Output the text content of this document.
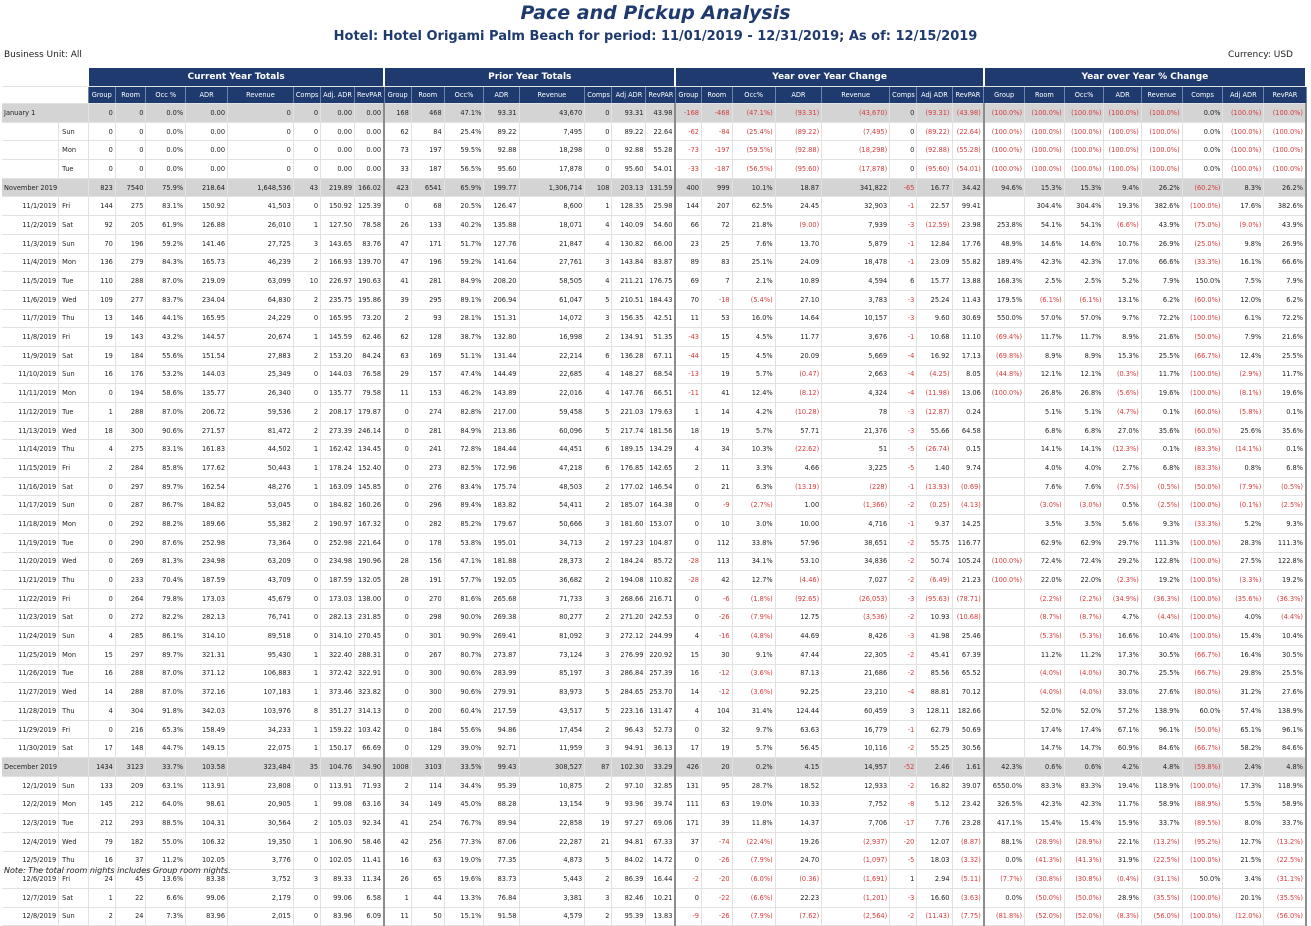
Pace and Pickup Analysis
Hotel: Hotel Origami Palm Beach for period: 11/01/2019 - 12/31/2019; As of: 12/15/2019
Business Unit: All	Currency: USD
		Current Year Totals								Prior Year Totals								Year over Year Change								Year over Year % Change							
		Group	Room	Occ %	ADR	Revenue	Comps	Adj. ADR	RevPAR	Group	Room	Occ%	ADR	Revenue	Comps	Adj ADR	RevPAR	Group	Room	Occ%	ADR	Revenue	Comps	Adj ADR	RevPAR	Group	Room	Occ%	ADR	Revenue	Comps	Adj ADR	RevPAR
January 1		0	0	0.0%	0.00	0	0	0.00	0.00	168	468	47.1%	93.31	43,670	0	93.31	43.98	-168	-468	(47.1%)	(93.31)	(43,670)	0	(93.31)	(43.98)	(100.0%)	(100.0%)	(100.0%)	(100.0%)	(100.0%)	0.0%	(100.0%)	(100.0%)
	Sun	0	0	0.0%	0.00	0	0	0.00	0.00	62	84	25.4%	89.22	7,495	0	89.22	22.64	-62	-84	(25.4%)	(89.22)	(7,495)	0	(89.22)	(22.64)	(100.0%)	(100.0%)	(100.0%)	(100.0%)	(100.0%)	0.0%	(100.0%)	(100.0%)
	Mon	0	0	0.0%	0.00	0	0	0.00	0.00	73	197	59.5%	92.88	18,298	0	92.88	55.28	-73	-197	(59.5%)	(92.88)	(18,298)	0	(92.88)	(55.28)	(100.0%)	(100.0%)	(100.0%)	(100.0%)	(100.0%)	0.0%	(100.0%)	(100.0%)
	Tue	0	0	0.0%	0.00	0	0	0.00	0.00	33	187	56.5%	95.60	17,878	0	95.60	54.01	-33	-187	(56.5%)	(95.60)	(17,878)	0	(95.60)	(54.01)	(100.0%)	(100.0%)	(100.0%)	(100.0%)	(100.0%)	0.0%	(100.0%)	(100.0%)
November 2019		823	7540	75.9%	218.64	1,648,536	43	219.89	166.02	423	6541	65.9%	199.77	1,306,714	108	203.13	131.59	400	999	10.1%	18.87	341,822	-65	16.77	34.42	94.6%	15.3%	15.3%	9.4%	26.2%	(60.2%)	8.3%	26.2%
11/1/2019	Fri	144	275	83.1%	150.92	41,503	0	150.92	125.39	0	68	20.5%	126.47	8,600	1	128.35	25.98	144	207	62.5%	24.45	32,903	-1	22.57	99.41		304.4%	304.4%	19.3%	382.6%	(100.0%)	17.6%	382.6%
11/2/2019	Sat	92	205	61.9%	126.88	26,010	1	127.50	78.58	26	133	40.2%	135.88	18,071	4	140.09	54.60	66	72	21.8%	(9.00)	7,939	-3	(12.59)	23.98	253.8%	54.1%	54.1%	(6.6%)	43.9%	(75.0%)	(9.0%)	43.9%
11/3/2019	Sun	70	196	59.2%	141.46	27,725	3	143.65	83.76	47	171	51.7%	127.76	21,847	4	130.82	66.00	23	25	7.6%	13.70	5,879	-1	12.84	17.76	48.9%	14.6%	14.6%	10.7%	26.9%	(25.0%)	9.8%	26.9%
11/4/2019	Mon	136	279	84.3%	165.73	46,239	2	166.93	139.70	47	196	59.2%	141.64	27,761	3	143.84	83.87	89	83	25.1%	24.09	18,478	-1	23.09	55.82	189.4%	42.3%	42.3%	17.0%	66.6%	(33.3%)	16.1%	66.6%
11/5/2019	Tue	110	288	87.0%	219.09	63,099	10	226.97	190.63	41	281	84.9%	208.20	58,505	4	211.21	176.75	69	7	2.1%	10.89	4,594	6	15.77	13.88	168.3%	2.5%	2.5%	5.2%	7.9%	150.0%	7.5%	7.9%
11/6/2019	Wed	109	277	83.7%	234.04	64,830	2	235.75	195.86	39	295	89.1%	206.94	61,047	5	210.51	184.43	70	-18	(5.4%)	27.10	3,783	-3	25.24	11.43	179.5%	(6.1%)	(6.1%)	13.1%	6.2%	(60.0%)	12.0%	6.2%
11/7/2019	Thu	13	146	44.1%	165.95	24,229	0	165.95	73.20	2	93	28.1%	151.31	14,072	3	156.35	42.51	11	53	16.0%	14.64	10,157	-3	9.60	30.69	550.0%	57.0%	57.0%	9.7%	72.2%	(100.0%)	6.1%	72.2%
11/8/2019	Fri	19	143	43.2%	144.57	20,674	1	145.59	62.46	62	128	38.7%	132.80	16,998	2	134.91	51.35	-43	15	4.5%	11.77	3,676	-1	10.68	11.10	(69.4%)	11.7%	11.7%	8.9%	21.6%	(50.0%)	7.9%	21.6%
11/9/2019	Sat	19	184	55.6%	151.54	27,883	2	153.20	84.24	63	169	51.1%	131.44	22,214	6	136.28	67.11	-44	15	4.5%	20.09	5,669	-4	16.92	17.13	(69.8%)	8.9%	8.9%	15.3%	25.5%	(66.7%)	12.4%	25.5%
11/10/2019	Sun	16	176	53.2%	144.03	25,349	0	144.03	76.58	29	157	47.4%	144.49	22,685	4	148.27	68.54	-13	19	5.7%	(0.47)	2,663	-4	(4.25)	8.05	(44.8%)	12.1%	12.1%	(0.3%)	11.7%	(100.0%)	(2.9%)	11.7%
11/11/2019	Mon	0	194	58.6%	135.77	26,340	0	135.77	79.58	11	153	46.2%	143.89	22,016	4	147.76	66.51	-11	41	12.4%	(8.12)	4,324	-4	(11.98)	13.06	(100.0%)	26.8%	26.8%	(5.6%)	19.6%	(100.0%)	(8.1%)	19.6%
11/12/2019	Tue	1	288	87.0%	206.72	59,536	2	208.17	179.87	0	274	82.8%	217.00	59,458	5	221.03	179.63	1	14	4.2%	(10.28)	78	-3	(12.87)	0.24		5.1%	5.1%	(4.7%)	0.1%	(60.0%)	(5.8%)	0.1%
11/13/2019	Wed	18	300	90.6%	271.57	81,472	2	273.39	246.14	0	281	84.9%	213.86	60,096	5	217.74	181.56	18	19	5.7%	57.71	21,376	-3	55.66	64.58		6.8%	6.8%	27.0%	35.6%	(60.0%)	25.6%	35.6%
11/14/2019	Thu	4	275	83.1%	161.83	44,502	1	162.42	134.45	0	241	72.8%	184.44	44,451	6	189.15	134.29	4	34	10.3%	(22.62)	51	-5	(26.74)	0.15		14.1%	14.1%	(12.3%)	0.1%	(83.3%)	(14.1%)	0.1%
11/15/2019	Fri	2	284	85.8%	177.62	50,443	1	178.24	152.40	0	273	82.5%	172.96	47,218	6	176.85	142.65	2	11	3.3%	4.66	3,225	-5	1.40	9.74		4.0%	4.0%	2.7%	6.8%	(83.3%)	0.8%	6.8%
11/16/2019	Sat	0	297	89.7%	162.54	48,276	1	163.09	145.85	0	276	83.4%	175.74	48,503	2	177.02	146.54	0	21	6.3%	(13.19)	(228)	-1	(13.93)	(0.69)		7.6%	7.6%	(7.5%)	(0.5%)	(50.0%)	(7.9%)	(0.5%)
11/17/2019	Sun	0	287	86.7%	184.82	53,045	0	184.82	160.26	0	296	89.4%	183.82	54,411	2	185.07	164.38	0	-9	(2.7%)	1.00	(1,366)	-2	(0.25)	(4.13)		(3.0%)	(3.0%)	0.5%	(2.5%)	(100.0%)	(0.1%)	(2.5%)
11/18/2019	Mon	0	292	88.2%	189.66	55,382	2	190.97	167.32	0	282	85.2%	179.67	50,666	3	181.60	153.07	0	10	3.0%	10.00	4,716	-1	9.37	14.25		3.5%	3.5%	5.6%	9.3%	(33.3%)	5.2%	9.3%
11/19/2019	Tue	0	290	87.6%	252.98	73,364	0	252.98	221.64	0	178	53.8%	195.01	34,713	2	197.23	104.87	0	112	33.8%	57.96	38,651	-2	55.75	116.77		62.9%	62.9%	29.7%	111.3%	(100.0%)	28.3%	111.3%
11/20/2019	Wed	0	269	81.3%	234.98	63,209	0	234.98	190.96	28	156	47.1%	181.88	28,373	2	184.24	85.72	-28	113	34.1%	53.10	34,836	-2	50.74	105.24	(100.0%)	72.4%	72.4%	29.2%	122.8%	(100.0%)	27.5%	122.8%
11/21/2019	Thu	0	233	70.4%	187.59	43,709	0	187.59	132.05	28	191	57.7%	192.05	36,682	2	194.08	110.82	-28	42	12.7%	(4.46)	7,027	-2	(6.49)	21.23	(100.0%)	22.0%	22.0%	(2.3%)	19.2%	(100.0%)	(3.3%)	19.2%
11/22/2019	Fri	0	264	79.8%	173.03	45,679	0	173.03	138.00	0	270	81.6%	265.68	71,733	3	268.66	216.71	0	-6	(1.8%)	(92.65)	(26,053)	-3	(95.63)	(78.71)		(2.2%)	(2.2%)	(34.9%)	(36.3%)	(100.0%)	(35.6%)	(36.3%)
11/23/2019	Sat	0	272	82.2%	282.13	76,741	0	282.13	231.85	0	298	90.0%	269.38	80,277	2	271.20	242.53	0	-26	(7.9%)	12.75	(3,536)	-2	10.93	(10.68)		(8.7%)	(8.7%)	4.7%	(4.4%)	(100.0%)	4.0%	(4.4%)
11/24/2019	Sun	4	285	86.1%	314.10	89,518	0	314.10	270.45	0	301	90.9%	269.41	81,092	3	272.12	244.99	4	-16	(4.8%)	44.69	8,426	-3	41.98	25.46		(5.3%)	(5.3%)	16.6%	10.4%	(100.0%)	15.4%	10.4%
11/25/2019	Mon	15	297	89.7%	321.31	95,430	1	322.40	288.31	0	267	80.7%	273.87	73,124	3	276.99	220.92	15	30	9.1%	47.44	22,305	-2	45.41	67.39		11.2%	11.2%	17.3%	30.5%	(66.7%)	16.4%	30.5%
11/26/2019	Tue	16	288	87.0%	371.12	106,883	1	372.42	322.91	0	300	90.6%	283.99	85,197	3	286.84	257.39	16	-12	(3.6%)	87.13	21,686	-2	85.56	65.52		(4.0%)	(4.0%)	30.7%	25.5%	(66.7%)	29.8%	25.5%
11/27/2019	Wed	14	288	87.0%	372.16	107,183	1	373.46	323.82	0	300	90.6%	279.91	83,973	5	284.65	253.70	14	-12	(3.6%)	92.25	23,210	-4	88.81	70.12		(4.0%)	(4.0%)	33.0%	27.6%	(80.0%)	31.2%	27.6%
11/28/2019	Thu	4	304	91.8%	342.03	103,976	8	351.27	314.13	0	200	60.4%	217.59	43,517	5	223.16	131.47	4	104	31.4%	124.44	60,459	3	128.11	182.66		52.0%	52.0%	57.2%	138.9%	60.0%	57.4%	138.9%
11/29/2019	Fri	0	216	65.3%	158.49	34,233	1	159.22	103.42	0	184	55.6%	94.86	17,454	2	96.43	52.73	0	32	9.7%	63.63	16,779	-1	62.79	50.69		17.4%	17.4%	67.1%	96.1%	(50.0%)	65.1%	96.1%
11/30/2019	Sat	17	148	44.7%	149.15	22,075	1	150.17	66.69	0	129	39.0%	92.71	11,959	3	94.91	36.13	17	19	5.7%	56.45	10,116	-2	55.25	30.56		14.7%	14.7%	60.9%	84.6%	(66.7%)	58.2%	84.6%
December 2019		1434	3123	33.7%	103.58	323,484	35	104.76	34.90	1008	3103	33.5%	99.43	308,527	87	102.30	33.29	426	20	0.2%	4.15	14,957	-52	2.46	1.61	42.3%	0.6%	0.6%	4.2%	4.8%	(59.8%)	2.4%	4.8%
12/1/2019	Sun	133	209	63.1%	113.91	23,808	0	113.91	71.93	2	114	34.4%	95.39	10,875	2	97.10	32.85	131	95	28.7%	18.52	12,933	-2	16.82	39.07	6550.0%	83.3%	83.3%	19.4%	118.9%	(100.0%)	17.3%	118.9%
12/2/2019	Mon	145	212	64.0%	98.61	20,905	1	99.08	63.16	34	149	45.0%	88.28	13,154	9	93.96	39.74	111	63	19.0%	10.33	7,752	-8	5.12	23.42	326.5%	42.3%	42.3%	11.7%	58.9%	(88.9%)	5.5%	58.9%
12/3/2019	Tue	212	293	88.5%	104.31	30,564	2	105.03	92.34	41	254	76.7%	89.94	22,858	19	97.27	69.06	171	39	11.8%	14.37	7,706	-17	7.76	23.28	417.1%	15.4%	15.4%	15.9%	33.7%	(89.5%)	8.0%	33.7%
12/4/2019	Wed	79	182	55.0%	106.32	19,350	1	106.90	58.46	42	256	77.3%	87.06	22,287	21	94.81	67.33	37	-74	(22.4%)	19.26	(2,937)	-20	12.07	(8.87)	88.1%	(28.9%)	(28.9%)	22.1%	(13.2%)	(95.2%)	12.7%	(13.2%)
12/5/2019	Thu	16	37	11.2%	102.05	3,776	0	102.05	11.41	16	63	19.0%	77.35	4,873	5	84.02	14.72	0	-26	(7.9%)	24.70	(1,097)	-5	18.03	(3.32)	0.0%	(41.3%)	(41.3%)	31.9%	(22.5%)	(100.0%)	21.5%	(22.5%)
12/6/2019	Fri	24	45	13.6%	83.38	3,752	3	89.33	11.34	26	65	19.6%	83.73	5,443	2	86.39	16.44	-2	-20	(6.0%)	(0.36)	(1,691)	1	2.94	(5.11)	(7.7%)	(30.8%)	(30.8%)	(0.4%)	(31.1%)	50.0%	3.4%	(31.1%)
12/7/2019	Sat	1	22	6.6%	99.06	2,179	0	99.06	6.58	1	44	13.3%	76.84	3,381	3	82.46	10.21	0	-22	(6.6%)	22.23	(1,201)	-3	16.60	(3.63)	0.0%	(50.0%)	(50.0%)	28.9%	(35.5%)	(100.0%)	20.1%	(35.5%)
12/8/2019	Sun	2	24	7.3%	83.96	2,015	0	83.96	6.09	11	50	15.1%	91.58	4,579	2	95.39	13.83	-9	-26	(7.9%)	(7.62)	(2,564)	-2	(11.43)	(7.75)	(81.8%)	(52.0%)	(52.0%)	(8.3%)	(56.0%)	(100.0%)	(12.0%)	(56.0%)
Note: The total room nights includes Group room nights.
